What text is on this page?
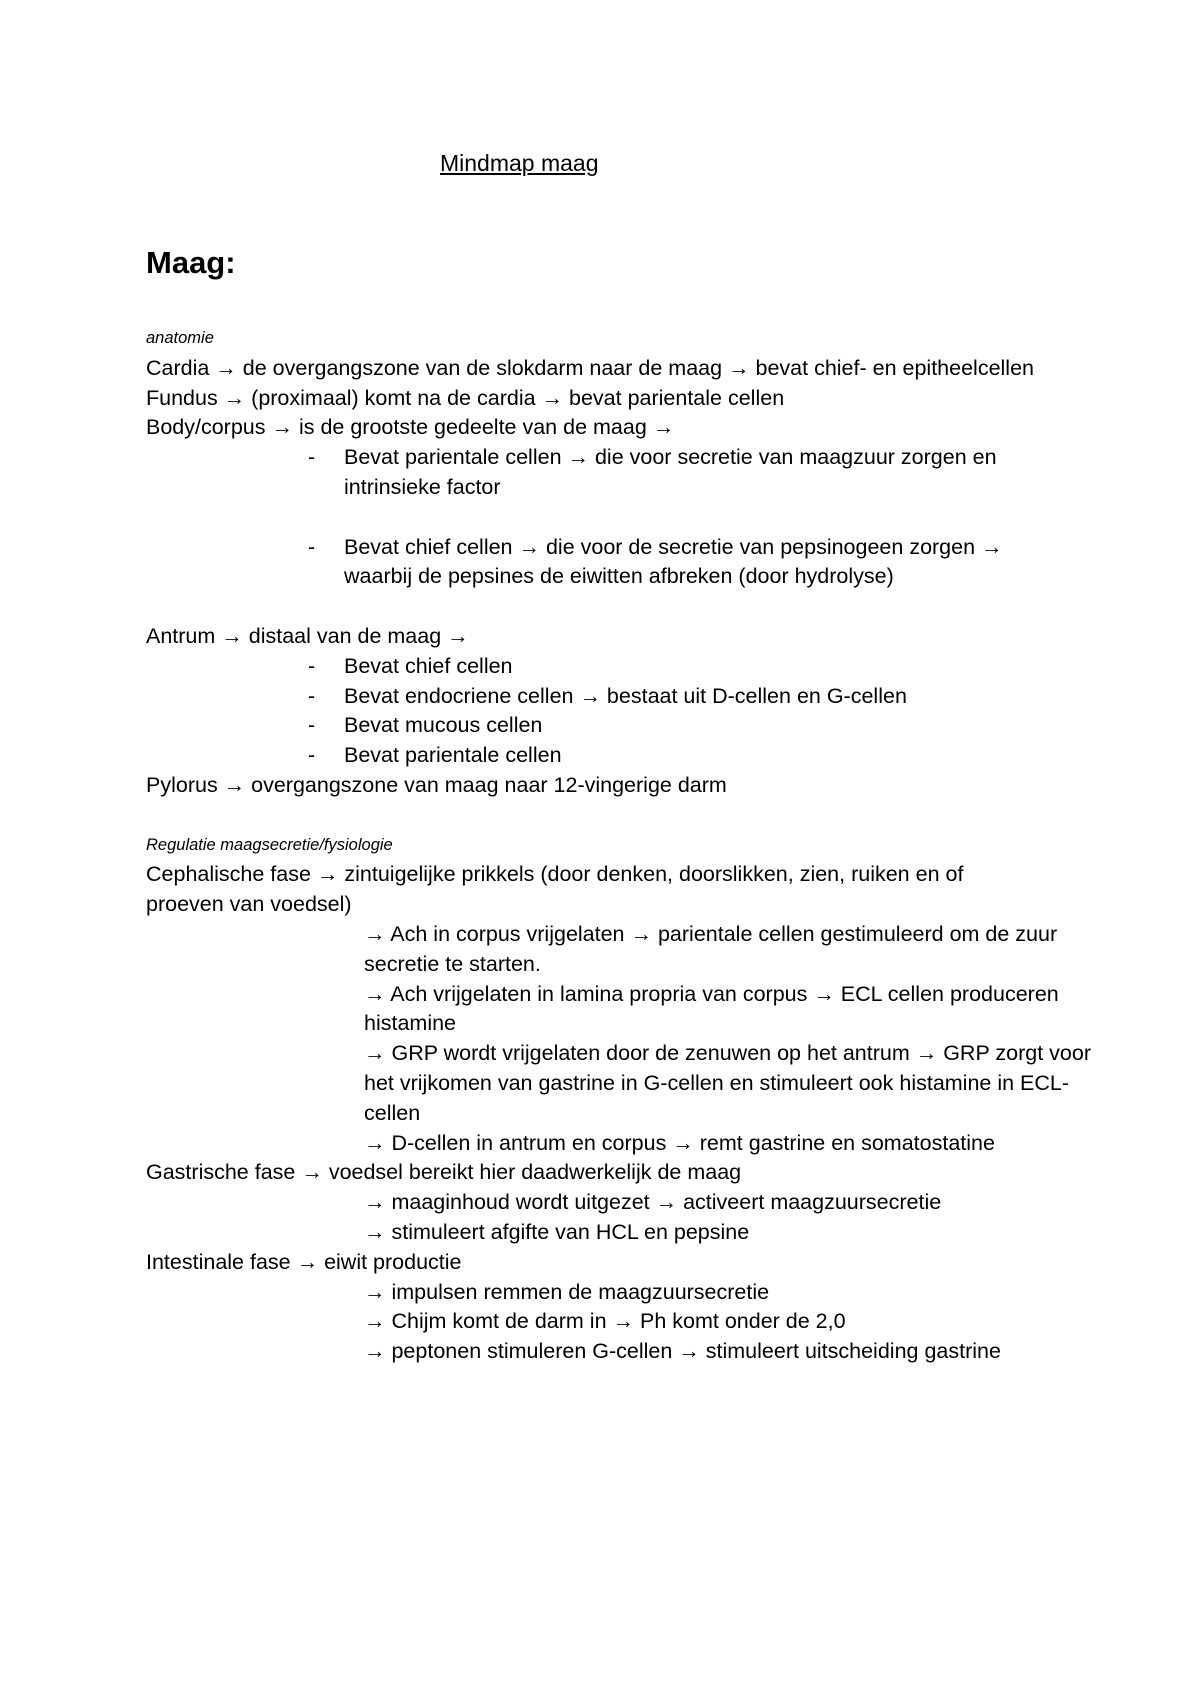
Mindmap maag
Maag:
anatomie
Cardia → de overgangszone van de slokdarm naar de maag → bevat chief- en epitheelcellen
Fundus → (proximaal) komt na de cardia → bevat parientale cellen
Body/corpus → is de grootste gedeelte van de maag →
- Bevat parientale cellen → die voor secretie van maagzuur zorgen en intrinsieke factor
- Bevat chief cellen → die voor de secretie van pepsinogeen zorgen → waarbij de pepsines de eiwitten afbreken (door hydrolyse)
Antrum → distaal van de maag →
- Bevat chief cellen
- Bevat endocriene cellen → bestaat uit D-cellen en G-cellen
- Bevat mucous cellen
- Bevat parientale cellen
Pylorus → overgangszone van maag naar 12-vingerige darm
Regulatie maagsecretie/fysiologie
Cephalische fase → zintuigelijke prikkels (door denken, doorslikken, zien, ruiken en of proeven van voedsel)
→ Ach in corpus vrijgelaten → parientale cellen gestimuleerd om de zuur secretie te starten.
→ Ach vrijgelaten in lamina propria van corpus → ECL cellen produceren histamine
→ GRP wordt vrijgelaten door de zenuwen op het antrum → GRP zorgt voor het vrijkomen van gastrine in G-cellen en stimuleert ook histamine in ECL-cellen
→ D-cellen in antrum en corpus → remt gastrine en somatostatine
Gastrische fase → voedsel bereikt hier daadwerkelijk de maag
→ maaginhoud wordt uitgezet → activeert maagzuursecretie
→ stimuleert afgifte van HCL en pepsine
Intestinale fase → eiwit productie
→ impulsen remmen de maagzuursecretie
→ Chijm komt de darm in → Ph komt onder de 2,0
→ peptonen stimuleren G-cellen → stimuleert uitscheiding gastrine
